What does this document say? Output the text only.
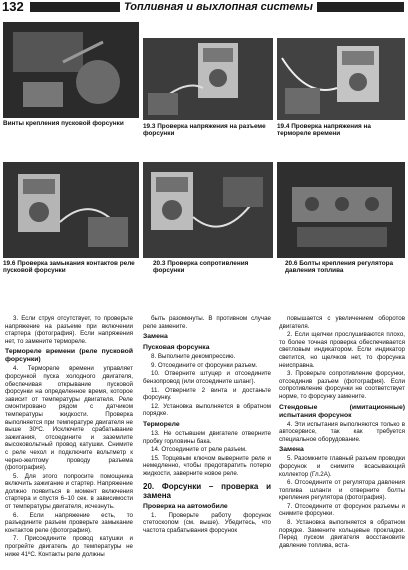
132	Топливная и выхлопная системы
Винты крепления пусковой форсунки	19.3 Проверка напряжения на разъеме форсунки
19.4 Проверка напряжения на термореле времени
19.6 Проверка замыкания контактов реле пусковой форсунки
20.3 Проверка сопротивления форсунки
20.6 Болты крепления регулятора давления топлива

3. Если струя отсутствует, то проверьте напряжение на разъеме при включении стартера (фотография). Если напряжения нет, то замените термореле.

Термореле времени (реле пусковой форсунки)

4. Термореле времени управляет форсункой пуска холодного двигателя, обеспечивая открывание пусковой форсунки на определенное время, которое зависит от температуры двигателя. Реле смонтировано рядом с датчиком температуры жидкости. Проверка выполняется при температуре двигателя не выше 30ºС. Исключите срабатывание зажигания, отсоедините и заземлите высоковольтный провод катушки. Снимите с реле чехол и подключите вольтметр к черно-желтому проводу разъема (фотография).

5. Для этого попросите помощника включить зажигание и стартер. Напряжение должно появиться в момент включения стартера и спустя 6–10 сек. в зависимости от температуры двигателя, исчезнуть.

6. Если напряжение есть, то разъедините разъем проверьте замыкание контактов реле (фотография).

7. Присоедините провод катушки и прогрейте двигатель до температуры не ниже 41ºС. Контакты реле должны

быть разомкнуты. В противном случае реле замените.

Замена
Пусковая форсунка

8. Выполните декомпрессию.

9. Отсоедините от форсунки разъем.

10. Отверните штуцер и отсоедините бензопровод (или отсоедините шланг).

11. Отверните 2 винта и достаньте форсунку.

12. Установка выполняется в обратном порядке.

Термореле

13. Не остывшем двигателе отверните пробку горловины бака.

14. Отсоедините от реле разъем.

15. Торцевым ключом выверните реле и немедленно, чтобы предотвратить потерю жидкости, заверните новое реле.

20. Форсунки – проверка и замена
Проверка на автомобиле

1. Проверьте работу форсунок стетоскопом (см. выше). Убедитесь, что частота срабатывания форсунок

повышается с увеличением оборотов двигателя.

2. Если щелчки прослушиваются плохо, то более точная проверка обеспечивается светловым индикатором. Если индикатор светится, но щелчков нет, то форсунка неисправна.

3. Проверьте сопротивление форсунки, отсоединив разъем (фотография). Если сопротивление форсунки не соответствует норме, то форсунку замените.

Стендовые (имитационные) испытания форсунок

4. Эти испытания выполняются только в автосервисе, так как требуется специальное оборудование.

Замена

5. Разомкните главный разъем проводки форсунок и снимите всасывающий коллектор (Гл.2А).

6. Отсоедините от регулятора давления топлива шланги и отверните болты крепления регулятора (фотография).

7. Отсоедините от форсунок разъемы и снимите форсунки.

8. Установка выполняется в обратном порядке. Замените кольцевые прокладки. Перед пуском двигателя восстановите давление топлива, вста-
